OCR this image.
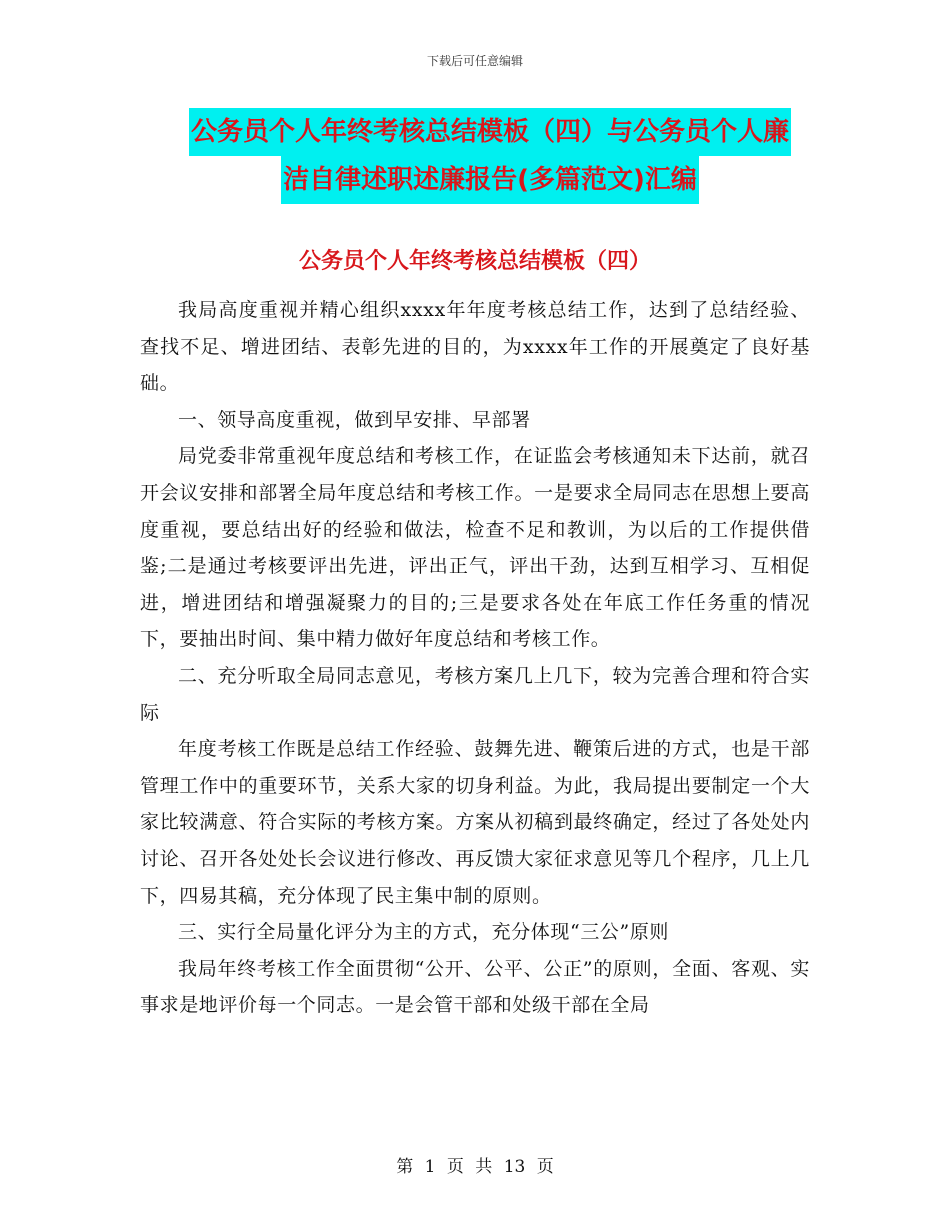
下载后可任意编辑
公务员个人年终考核总结模板（四）与公务员个人廉
洁自律述职述廉报告(多篇范文)汇编
公务员个人年终考核总结模板（四）

我局高度重视并精心组织xxxx年年度考核总结工作，达到了总结经验、查找不足、增进团结、表彰先进的目的，为xxxx年工作的开展奠定了良好基础。

一、领导高度重视，做到早安排、早部署

局党委非常重视年度总结和考核工作，在证监会考核通知未下达前，就召开会议安排和部署全局年度总结和考核工作。一是要求全局同志在思想上要高度重视，要总结出好的经验和做法，检查不足和教训，为以后的工作提供借鉴;二是通过考核要评出先进，评出正气，评出干劲，达到互相学习、互相促进，增进团结和增强凝聚力的目的;三是要求各处在年底工作任务重的情况下，要抽出时间、集中精力做好年度总结和考核工作。

二、充分听取全局同志意见，考核方案几上几下，较为完善合理和符合实际

年度考核工作既是总结工作经验、鼓舞先进、鞭策后进的方式，也是干部管理工作中的重要环节，关系大家的切身利益。为此，我局提出要制定一个大家比较满意、符合实际的考核方案。方案从初稿到最终确定，经过了各处处内讨论、召开各处处长会议进行修改、再反馈大家征求意见等几个程序，几上几下，四易其稿，充分体现了民主集中制的原则。

三、实行全局量化评分为主的方式，充分体现“三公”原则

我局年终考核工作全面贯彻“公开、公平、公正”的原则，全面、客观、实事求是地评价每一个同志。一是会管干部和处级干部在全局

第 1 页 共 13 页
